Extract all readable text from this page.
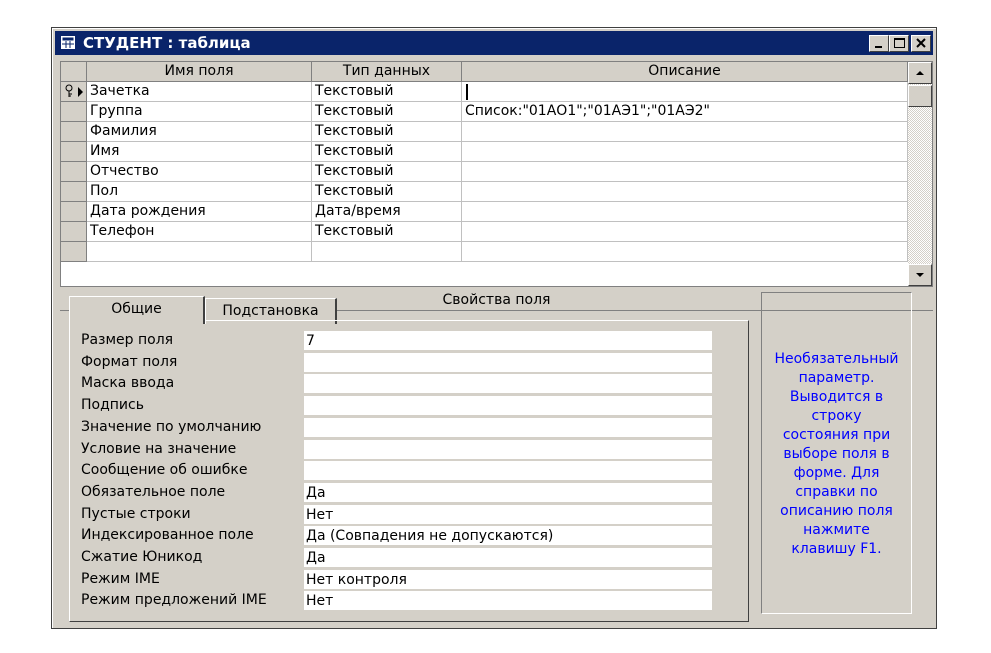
СТУДЕНТ : таблица
Имя поля	Тип данных	Описание
Зачетка	Текстовый
Группа	Текстовый	Список:"01АО1";"01АЭ1";"01АЭ2"
Фамилия	Текстовый
Имя	Текстовый
Отчество	Текстовый
Пол	Текстовый
Дата рождения	Дата/время
Телефон	Текстовый
Свойства поля
Общие	Подстановка
Размер поля	7
Формат поля
Маска ввода
Подпись
Значение по умолчанию
Условие на значение
Сообщение об ошибке
Обязательное поле	Да
Пустые строки	Нет
Индексированное поле	Да (Совпадения не допускаются)
Сжатие Юникод	Да
Режим IME	Нет контроля
Режим предложений IME	Нет
Необязательный
параметр.
Выводится в
строку
состояния при
выборе поля в
форме. Для
справки по
описанию поля
нажмите
клавишу F1.
